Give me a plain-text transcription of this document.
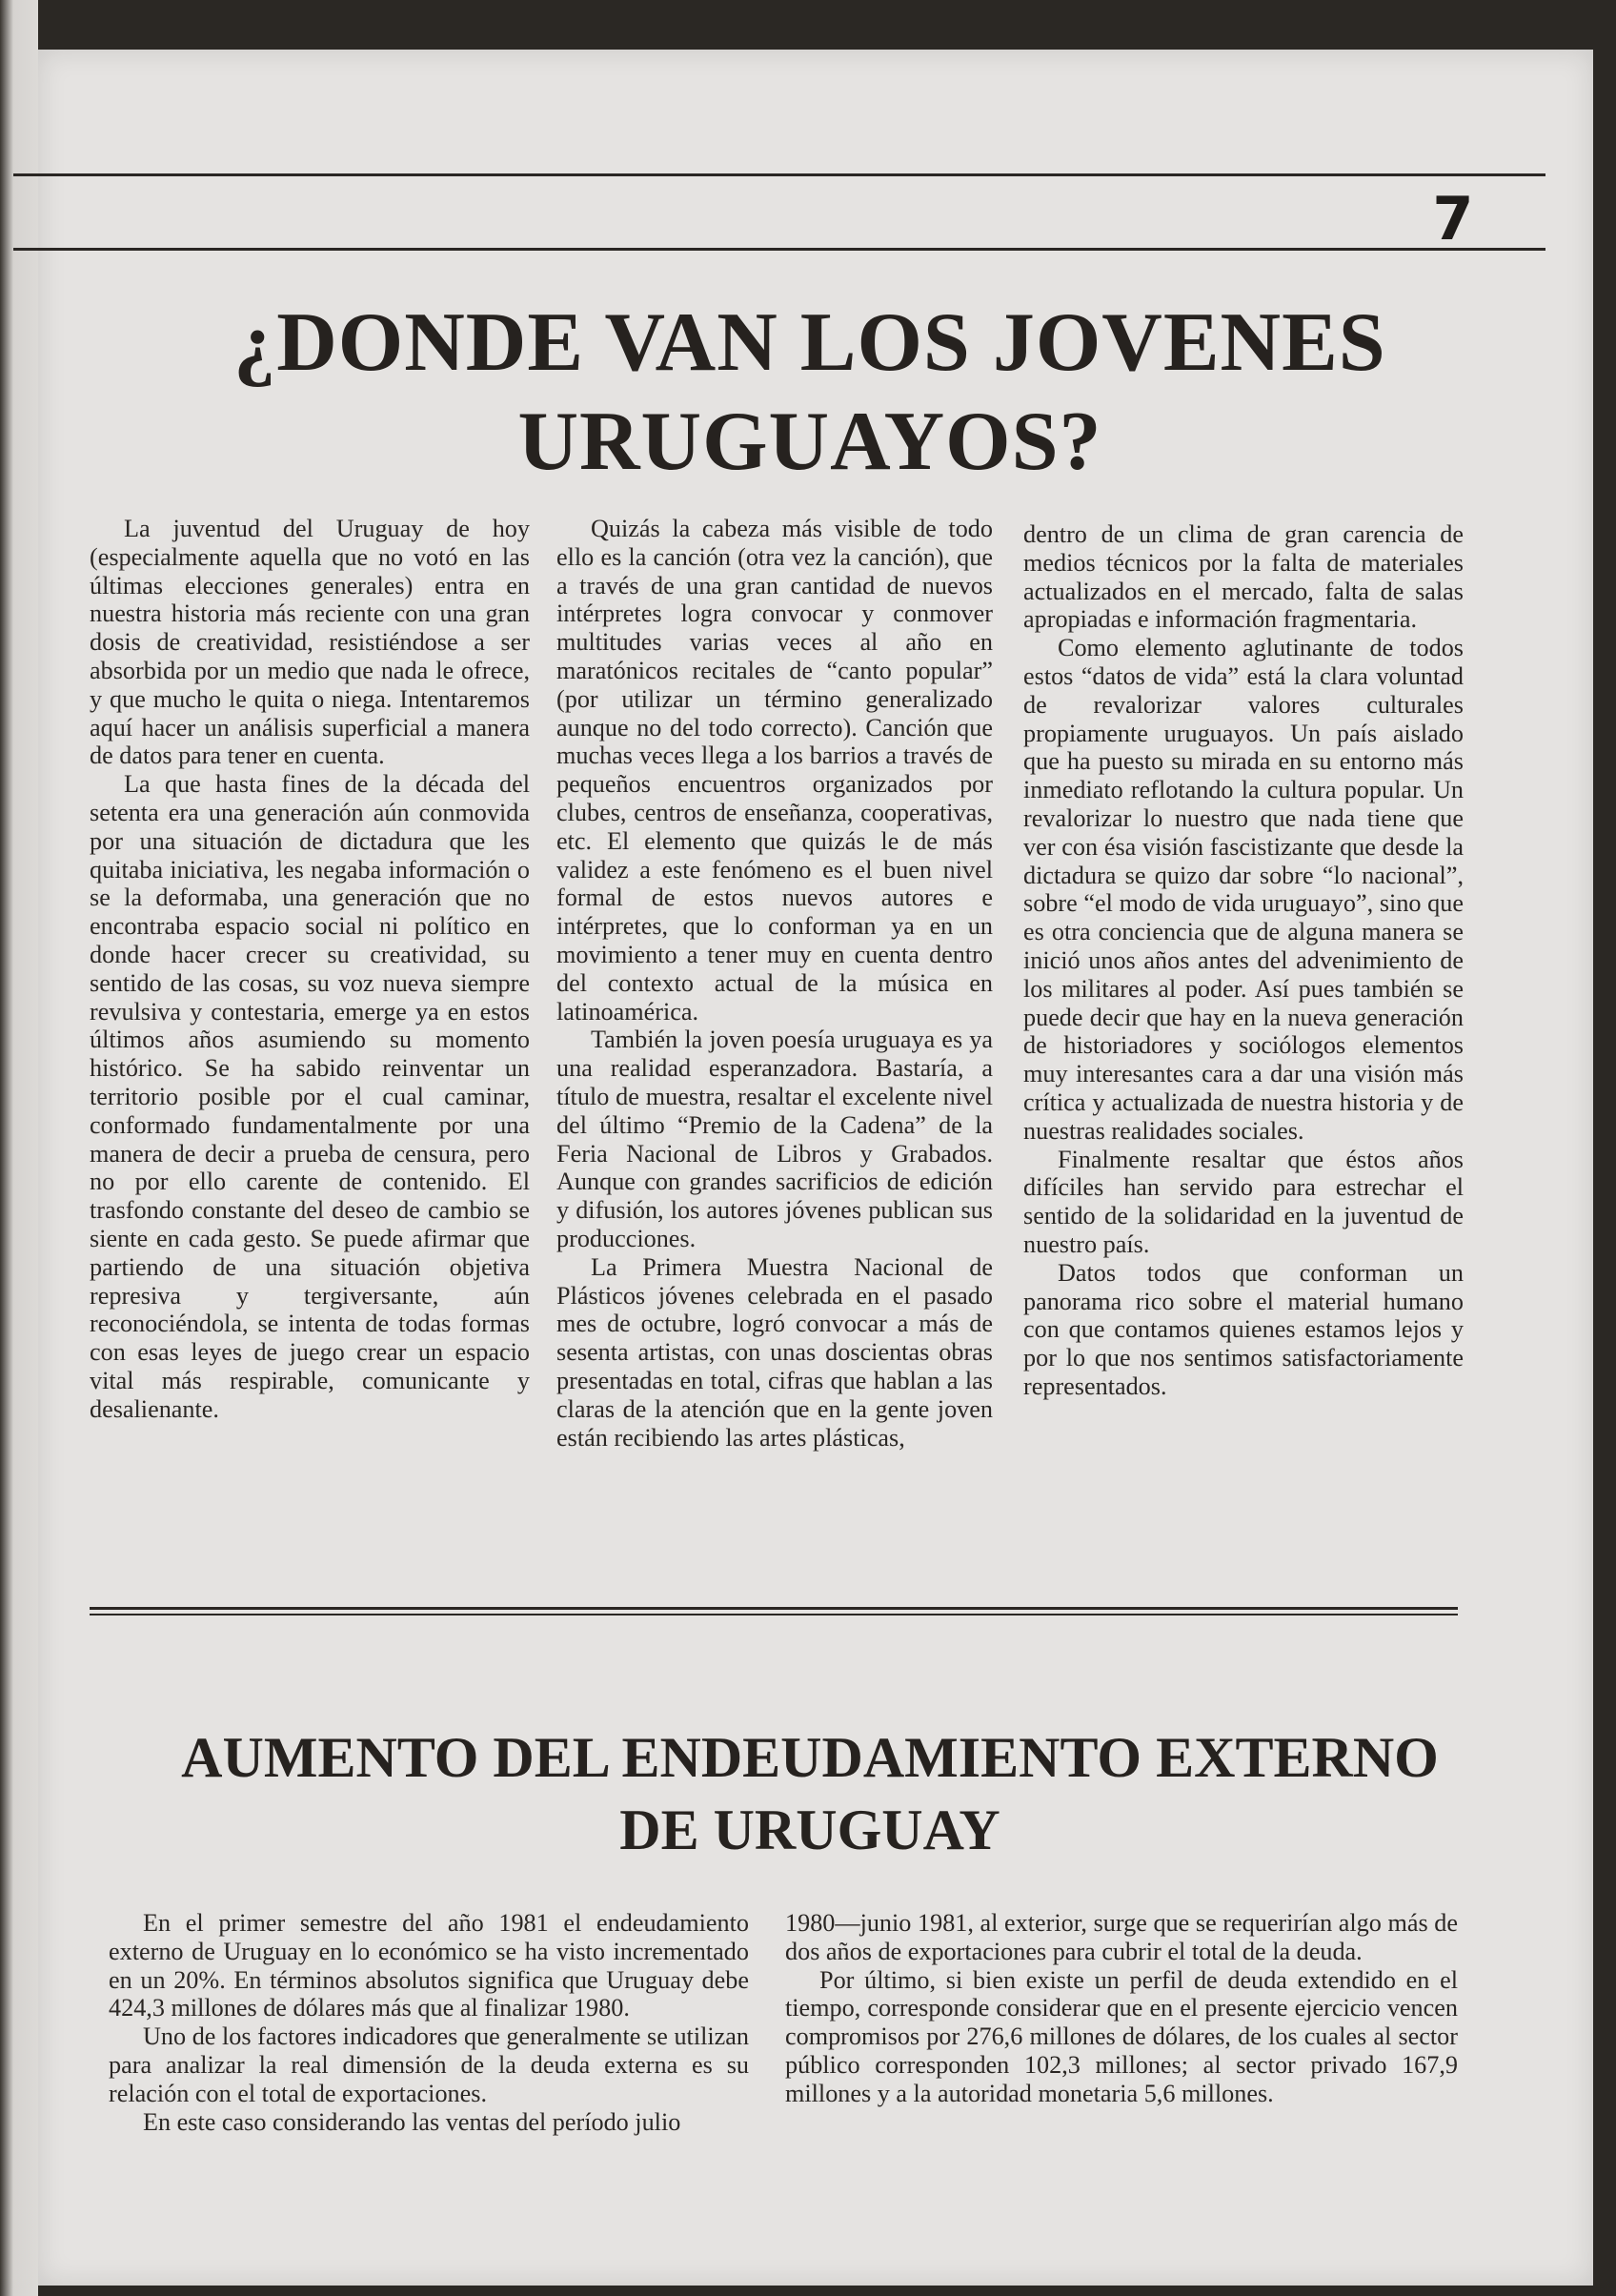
7
¿DONDE VAN LOS JOVENES URUGUAYOS?

La juventud del Uruguay de hoy (especialmente aquella que no votó en las últimas elecciones generales) entra en nuestra historia más reciente con una gran dosis de creatividad, resistiéndose a ser absorbida por un medio que nada le ofrece, y que mucho le quita o niega. Intentaremos aquí hacer un análisis superficial a manera de datos para tener en cuenta.

La que hasta fines de la década del setenta era una generación aún conmovida por una situación de dictadura que les quitaba iniciativa, les negaba información o se la deformaba, una generación que no encontraba espacio social ni político en donde hacer crecer su creatividad, su sentido de las cosas, su voz nueva siempre revulsiva y contestaria, emerge ya en estos últimos años asumiendo su momento histórico. Se ha sabido reinventar un territorio posible por el cual caminar, conformado fundamentalmente por una manera de decir a prueba de censura, pero no por ello carente de contenido. El trasfondo constante del deseo de cambio se siente en cada gesto. Se puede afirmar que partiendo de una situación objetiva represiva y tergiversante, aún reconociéndola, se intenta de todas formas con esas leyes de juego crear un espacio vital más respirable, comunicante y desalienante.

Quizás la cabeza más visible de todo ello es la canción (otra vez la canción), que a través de una gran cantidad de nuevos intérpretes logra convocar y conmover multitudes varias veces al año en maratónicos recitales de “canto popular” (por utilizar un término generalizado aunque no del todo correcto). Canción que muchas veces llega a los barrios a través de pequeños encuentros organizados por clubes, centros de enseñanza, cooperativas, etc. El elemento que quizás le de más validez a este fenómeno es el buen nivel formal de estos nuevos autores e intérpretes, que lo conforman ya en un movimiento a tener muy en cuenta dentro del contexto actual de la música en latinoamérica.

También la joven poesía uruguaya es ya una realidad esperanzadora. Bastaría, a título de muestra, resaltar el excelente nivel del último “Premio de la Cadena” de la Feria Nacional de Libros y Grabados. Aunque con grandes sacrificios de edición y difusión, los autores jóvenes publican sus producciones.

La Primera Muestra Nacional de Plásticos jóvenes celebrada en el pasado mes de octubre, logró convocar a más de sesenta artistas, con unas doscientas obras presentadas en total, cifras que hablan a las claras de la atención que en la gente joven están recibiendo las artes plásticas,

dentro de un clima de gran carencia de medios técnicos por la falta de materiales actualizados en el mercado, falta de salas apropiadas e información fragmentaria.

Como elemento aglutinante de todos estos “datos de vida” está la clara voluntad de revalorizar valores culturales propiamente uruguayos. Un país aislado que ha puesto su mirada en su entorno más inmediato reflotando la cultura popular. Un revalorizar lo nuestro que nada tiene que ver con ésa visión fascistizante que desde la dictadura se quizo dar sobre “lo nacional”, sobre “el modo de vida uruguayo”, sino que es otra conciencia que de alguna manera se inició unos años antes del advenimiento de los militares al poder. Así pues también se puede decir que hay en la nueva generación de historiadores y sociólogos elementos muy interesantes cara a dar una visión más crítica y actualizada de nuestra historia y de nuestras realidades sociales.

Finalmente resaltar que éstos años difíciles han servido para estrechar el sentido de la solidaridad en la juventud de nuestro país.

Datos todos que conforman un panorama rico sobre el material humano con que contamos quienes estamos lejos y por lo que nos sentimos satisfactoriamente representados.

AUMENTO DEL ENDEUDAMIENTO EXTERNO
DE URUGUAY

En el primer semestre del año 1981 el endeudamiento externo de Uruguay en lo económico se ha visto incrementado en un 20%. En términos absolutos significa que Uruguay debe 424,3 millones de dólares más que al finalizar 1980.

Uno de los factores indicadores que generalmente se utilizan para analizar la real dimensión de la deuda externa es su relación con el total de exportaciones.

En este caso considerando las ventas del período julio

1980—junio 1981, al exterior, surge que se requerirían algo más de dos años de exportaciones para cubrir el total de la deuda.

Por último, si bien existe un perfil de deuda extendido en el tiempo, corresponde considerar que en el presente ejercicio vencen compromisos por 276,6 millones de dólares, de los cuales al sector público corresponden 102,3 millones; al sector privado 167,9 millones y a la autoridad monetaria 5,6 millones.
